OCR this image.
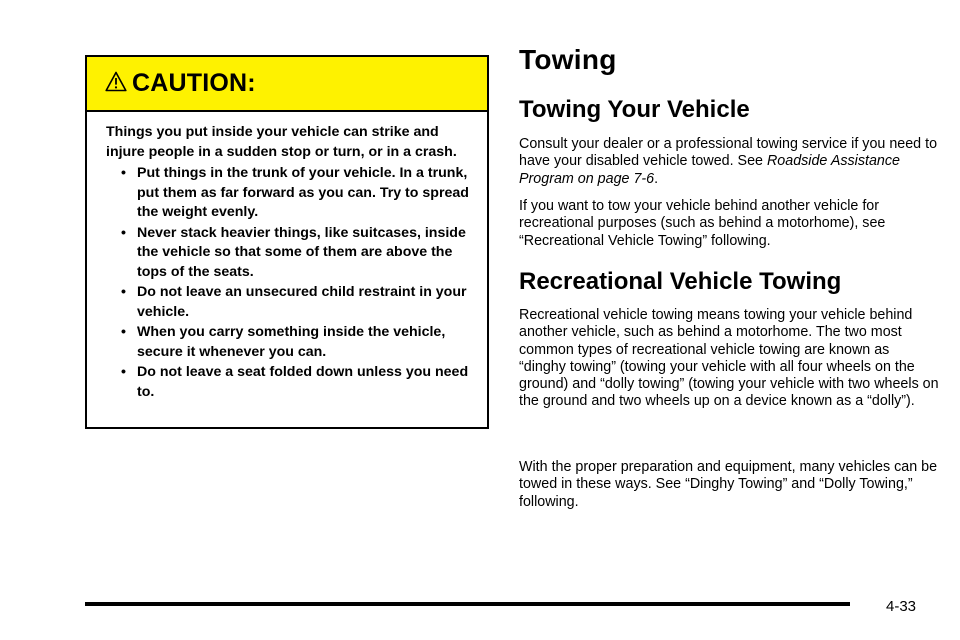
CAUTION:

Things you put inside your vehicle can strike and injure people in a sudden stop or turn, or in a crash.

• Put things in the trunk of your vehicle. In a trunk, put them as far forward as you can. Try to spread the weight evenly.
• Never stack heavier things, like suitcases, inside the vehicle so that some of them are above the tops of the seats.
• Do not leave an unsecured child restraint in your vehicle.
• When you carry something inside the vehicle, secure it whenever you can.
• Do not leave a seat folded down unless you need to.
Towing
Towing Your Vehicle

Consult your dealer or a professional towing service if you need to have your disabled vehicle towed. See Roadside Assistance Program on page 7-6.

If you want to tow your vehicle behind another vehicle for recreational purposes (such as behind a motorhome), see “Recreational Vehicle Towing” following.

Recreational Vehicle Towing

Recreational vehicle towing means towing your vehicle behind another vehicle, such as behind a motorhome. The two most common types of recreational vehicle towing are known as “dinghy towing” (towing your vehicle with all four wheels on the ground) and “dolly towing” (towing your vehicle with two wheels on the ground and two wheels up on a device known as a “dolly”).

With the proper preparation and equipment, many vehicles can be towed in these ways. See “Dinghy Towing” and “Dolly Towing,” following.

4-33
